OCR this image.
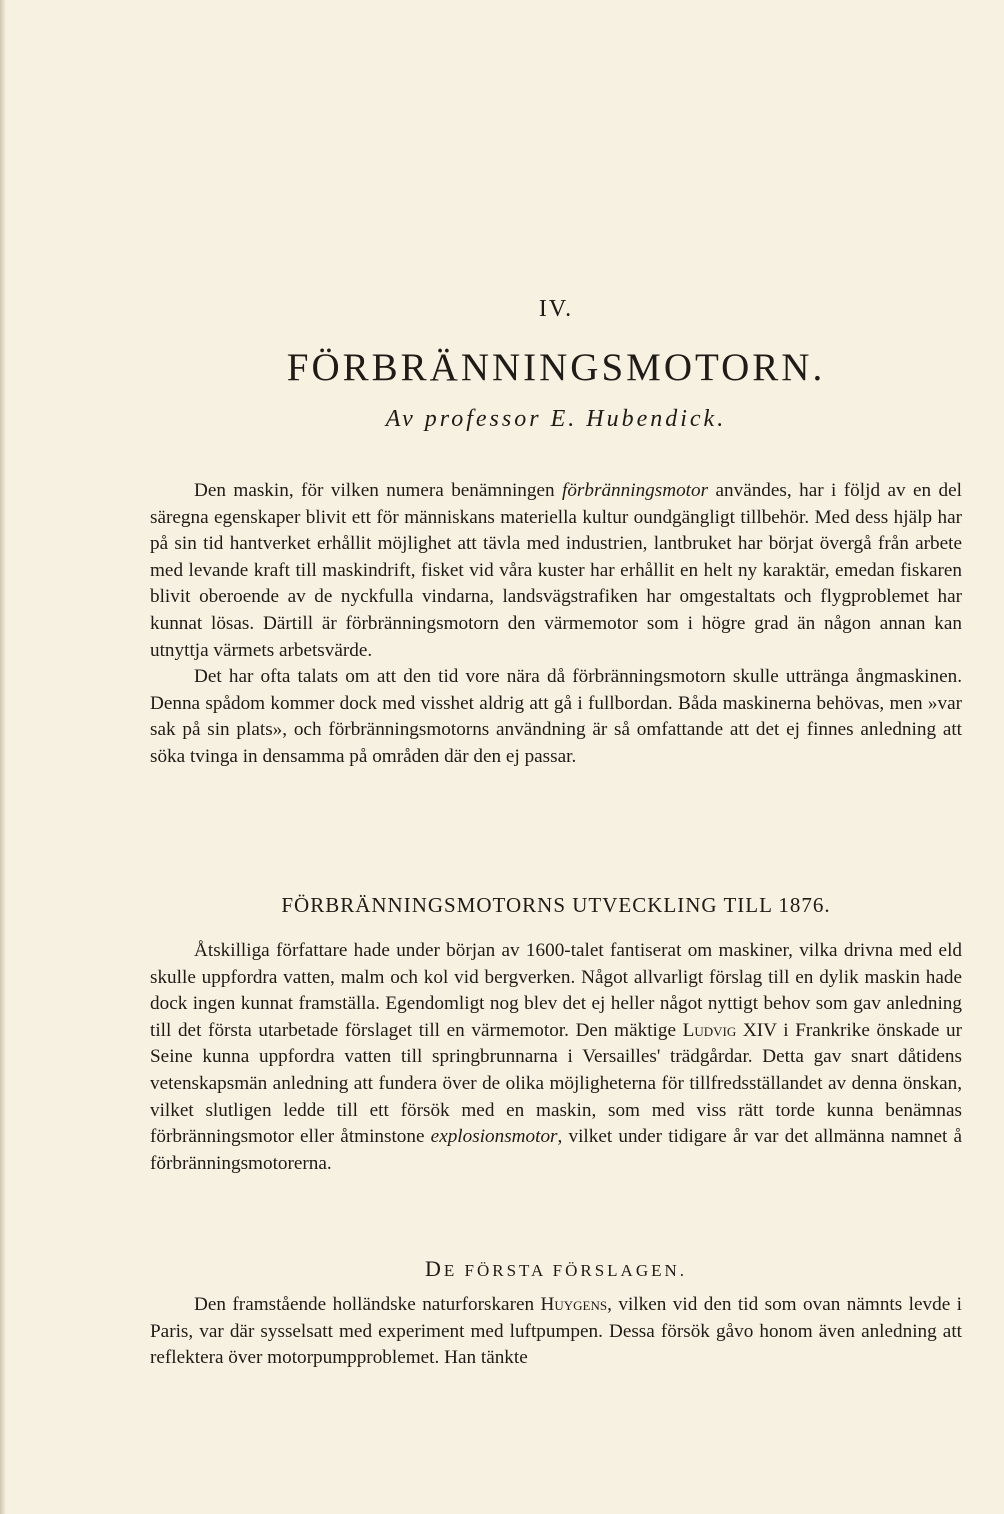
IV.
FÖRBRÄNNINGSMOTORN.
Av professor E. Hubendick.

Den maskin, för vilken numera benämningen förbränningsmotor användes, har i följd av en del säregna egenskaper blivit ett för människans materiella kultur oundgängligt tillbehör. Med dess hjälp har på sin tid hantverket erhållit möjlighet att tävla med industrien, lantbruket har börjat övergå från arbete med levande kraft till maskindrift, fisket vid våra kuster har erhållit en helt ny karaktär, emedan fiskaren blivit oberoende av de nyckfulla vindarna, landsvägstrafiken har omgestaltats och flygproblemet har kunnat lösas. Därtill är förbränningsmotorn den värmemotor som i högre grad än någon annan kan utnyttja värmets arbetsvärde.

Det har ofta talats om att den tid vore nära då förbränningsmotorn skulle uttränga ångmaskinen. Denna spådom kommer dock med visshet aldrig att gå i fullbordan. Båda maskinerna behövas, men »var sak på sin plats», och förbränningsmotorns användning är så omfattande att det ej finnes anledning att söka tvinga in densamma på områden där den ej passar.

FÖRBRÄNNINGSMOTORNS UTVECKLING TILL 1876.

Åtskilliga författare hade under början av 1600-talet fantiserat om maskiner, vilka drivna med eld skulle uppfordra vatten, malm och kol vid bergverken. Något allvarligt förslag till en dylik maskin hade dock ingen kunnat framställa. Egendomligt nog blev det ej heller något nyttigt behov som gav anledning till det första utarbetade förslaget till en värmemotor. Den mäktige Ludvig XIV i Frankrike önskade ur Seine kunna uppfordra vatten till springbrunnarna i Versailles' trädgårdar. Detta gav snart dåtidens vetenskapsmän anledning att fundera över de olika möjligheterna för tillfredsställandet av denna önskan, vilket slutligen ledde till ett försök med en maskin, som med viss rätt torde kunna benämnas förbränningsmotor eller åtminstone explosionsmotor, vilket under tidigare år var det allmänna namnet å förbränningsmotorerna.

DE FÖRSTA FÖRSLAGEN.

Den framstående holländske naturforskaren Huygens, vilken vid den tid som ovan nämnts levde i Paris, var där sysselsatt med experiment med luftpumpen. Dessa försök gåvo honom även anledning att reflektera över motorpumpproblemet. Han tänkte
